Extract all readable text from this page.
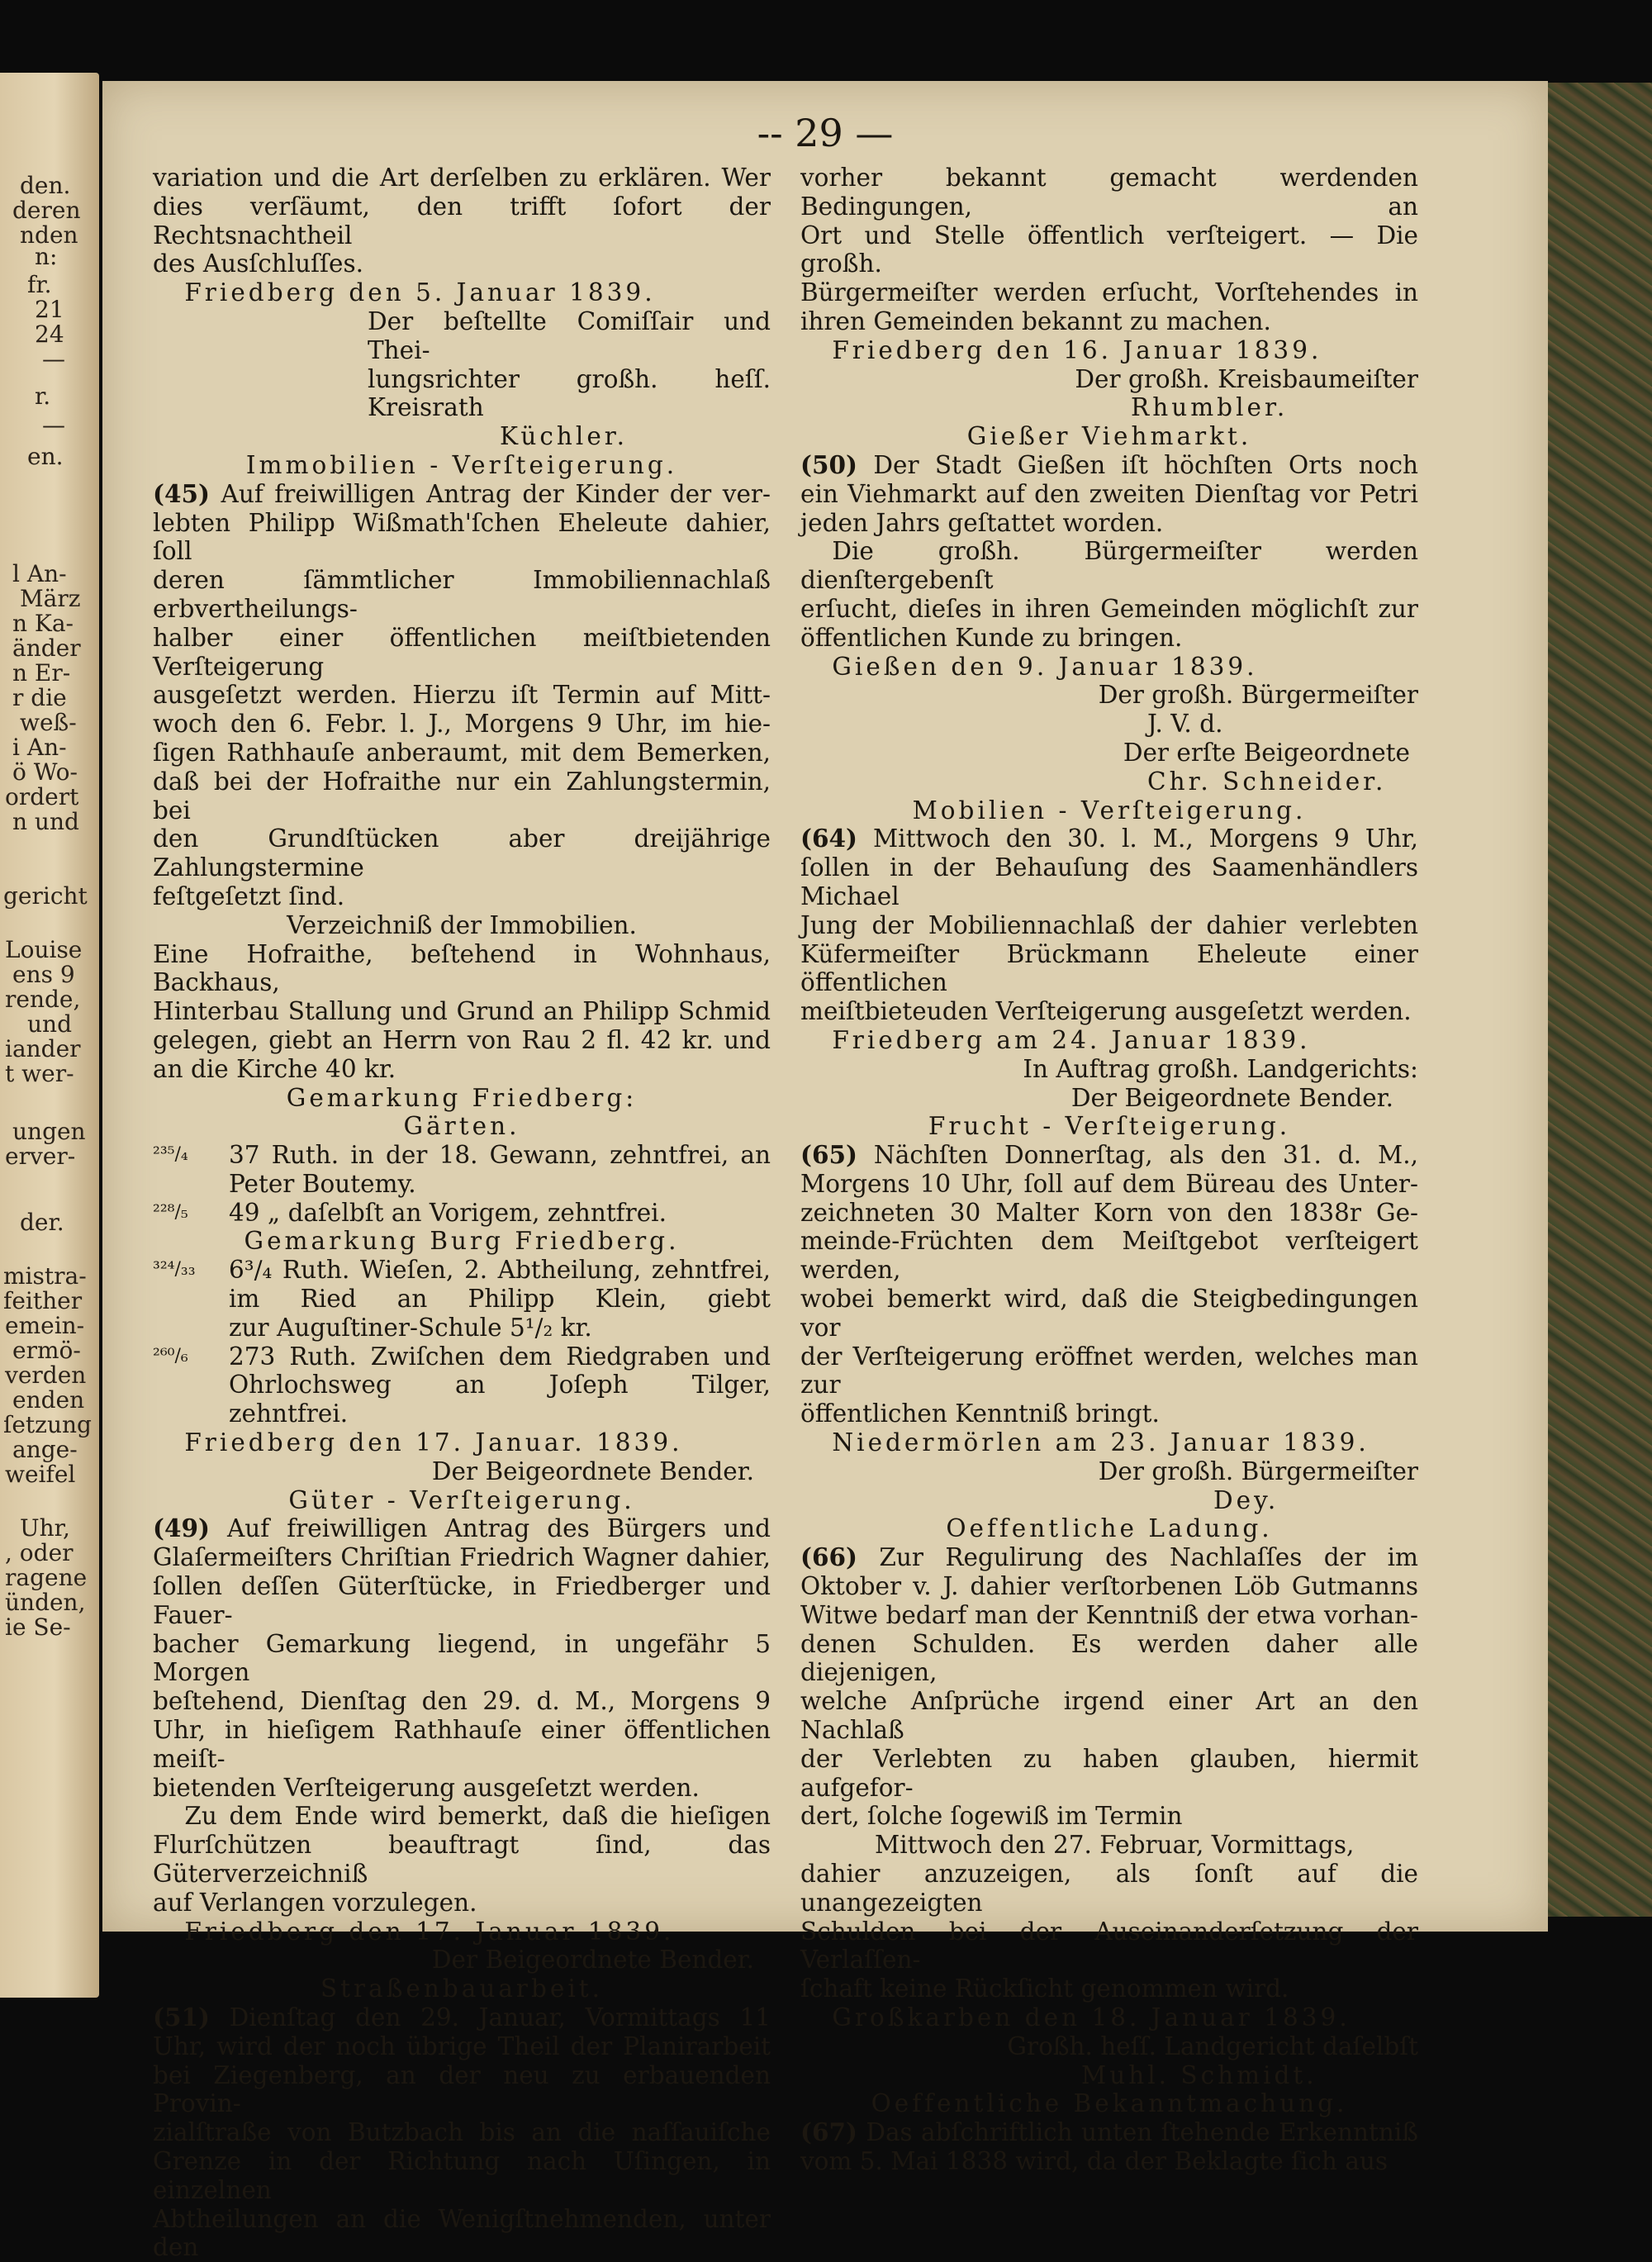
den.
deren
nden
n:
fr.
21
24
—
r.
—
en.
l An-
März
n Ka-
änder
n Er-
r die
weß-
i An-
ö Wo-
ordert
n und
gericht
Louise
ens 9
rende,
und
iander
t wer-
ungen
erver-
der.
mistra-
feither
emein-
ermö-
verden
enden
ſetzung
ange-
weifel
Uhr,
, oder
ragene
ünden,
ie Se-
-- 29 —

variation und die Art derſelben zu erklären. Wer

dies verſäumt, den trifft ſofort der Rechtsnachtheil

des Ausſchluſſes.

Friedberg den 5. Januar 1839.

Der beſtellte Comiſſair und Thei-

lungsrichter großh. heſſ. Kreisrath

Küchler.

Immobilien - Verſteigerung.

(45) Auf freiwilligen Antrag der Kinder der ver-

lebten Philipp Wißmath'ſchen Eheleute dahier, ſoll

deren ſämmtlicher Immobiliennachlaß erbvertheilungs-

halber einer öffentlichen meiſtbietenden Verſteigerung

ausgeſetzt werden. Hierzu iſt Termin auf Mitt-

woch den 6. Febr. l. J., Morgens 9 Uhr, im hie-

ſigen Rathhauſe anberaumt, mit dem Bemerken,

daß bei der Hofraithe nur ein Zahlungstermin, bei

den Grundſtücken aber dreijährige Zahlungstermine

feſtgeſetzt ſind.

Verzeichniß der Immobilien.

Eine Hofraithe, beſtehend in Wohnhaus, Backhaus,

Hinterbau Stallung und Grund an Philipp Schmid

gelegen, giebt an Herrn von Rau 2 fl. 42 kr. und

an die Kirche 40 kr.

Gemarkung Friedberg:

Gärten.

²³⁵/₄	37 Ruth. in der 18. Gewann, zehntfrei, an

Peter Boutemy.

²²⁸/₅	49 „ daſelbſt an Vorigem, zehntfrei.

Gemarkung Burg Friedberg.

³²⁴/₃₃	6³/₄ Ruth. Wieſen, 2. Abtheilung, zehntfrei,

im Ried an Philipp Klein, giebt

zur Auguſtiner-Schule 5¹/₂ kr.

²⁶⁰/₆	273 Ruth. Zwiſchen dem Riedgraben und

Ohrlochsweg an Joſeph Tilger,

zehntfrei.

Friedberg den 17. Januar. 1839.

Der Beigeordnete Bender.

Güter - Verſteigerung.

(49) Auf freiwilligen Antrag des Bürgers und

Glaſermeiſters Chriſtian Friedrich Wagner dahier,

ſollen deſſen Güterſtücke, in Friedberger und Fauer-

bacher Gemarkung liegend, in ungefähr 5 Morgen

beſtehend, Dienſtag den 29. d. M., Morgens 9

Uhr, in hieſigem Rathhauſe einer öffentlichen meiſt-

bietenden Verſteigerung ausgeſetzt werden.

Zu dem Ende wird bemerkt, daß die hieſigen

Flurſchützen beauftragt ſind, das Güterverzeichniß

auf Verlangen vorzulegen.

Friedberg den 17. Januar 1839.

Der Beigeordnete Bender.

Straßenbauarbeit.

(51) Dienſtag den 29. Januar, Vormittags 11

Uhr, wird der noch übrige Theil der Planirarbeit

bei Ziegenberg, an der neu zu erbauenden Provin-

zialſtraße von Butzbach bis an die naſſauiſche

Grenze in der Richtung nach Uſingen, in einzelnen

Abtheilungen an die Wenigſtnehmenden, unter den

vorher bekannt gemacht werdenden Bedingungen, an

Ort und Stelle öffentlich verſteigert. — Die großh.

Bürgermeiſter werden erſucht, Vorſtehendes in

ihren Gemeinden bekannt zu machen.

Friedberg den 16. Januar 1839.

Der großh. Kreisbaumeiſter

Rhumbler.

Gießer Viehmarkt.

(50) Der Stadt Gießen iſt höchſten Orts noch

ein Viehmarkt auf den zweiten Dienſtag vor Petri

jeden Jahrs geſtattet worden.

Die großh. Bürgermeiſter werden dienſtergebenſt

erſucht, dieſes in ihren Gemeinden möglichſt zur

öffentlichen Kunde zu bringen.

Gießen den 9. Januar 1839.

Der großh. Bürgermeiſter

J. V. d.

Der erſte Beigeordnete

Chr. Schneider.

Mobilien - Verſteigerung.

(64) Mittwoch den 30. l. M., Morgens 9 Uhr,

ſollen in der Behauſung des Saamenhändlers Michael

Jung der Mobiliennachlaß der dahier verlebten

Küfermeiſter Brückmann Eheleute einer öffentlichen

meiſtbieteuden Verſteigerung ausgeſetzt werden.

Friedberg am 24. Januar 1839.

In Auftrag großh. Landgerichts:

Der Beigeordnete Bender.

Frucht - Verſteigerung.

(65) Nächſten Donnerſtag, als den 31. d. M.,

Morgens 10 Uhr, ſoll auf dem Büreau des Unter-

zeichneten 30 Malter Korn von den 1838r Ge-

meinde-Früchten dem Meiſtgebot verſteigert werden,

wobei bemerkt wird, daß die Steigbedingungen vor

der Verſteigerung eröffnet werden, welches man zur

öffentlichen Kenntniß bringt.

Niedermörlen am 23. Januar 1839.

Der großh. Bürgermeiſter

Dey.

Oeffentliche Ladung.

(66) Zur Regulirung des Nachlaſſes der im

Oktober v. J. dahier verſtorbenen Löb Gutmanns

Witwe bedarf man der Kenntniß der etwa vorhan-

denen Schulden. Es werden daher alle diejenigen,

welche Anſprüche irgend einer Art an den Nachlaß

der Verlebten zu haben glauben, hiermit aufgefor-

dert, ſolche ſogewiß im Termin

Mittwoch den 27. Februar, Vormittags,

dahier anzuzeigen, als ſonſt auf die unangezeigten

Schulden bei der Auseinanderſetzung der Verlaſſen-

ſchaft keine Rückſicht genommen wird.

Großkarben den 18. Januar 1839.

Großh. heſſ. Landgericht daſelbſt

Muhl. Schmidt.

Oeffentliche Bekanntmachung.

(67) Das abſchriftlich unten ſtehende Erkenntniß

vom 5. Mai 1838 wird, da der Beklagte ſich aus
